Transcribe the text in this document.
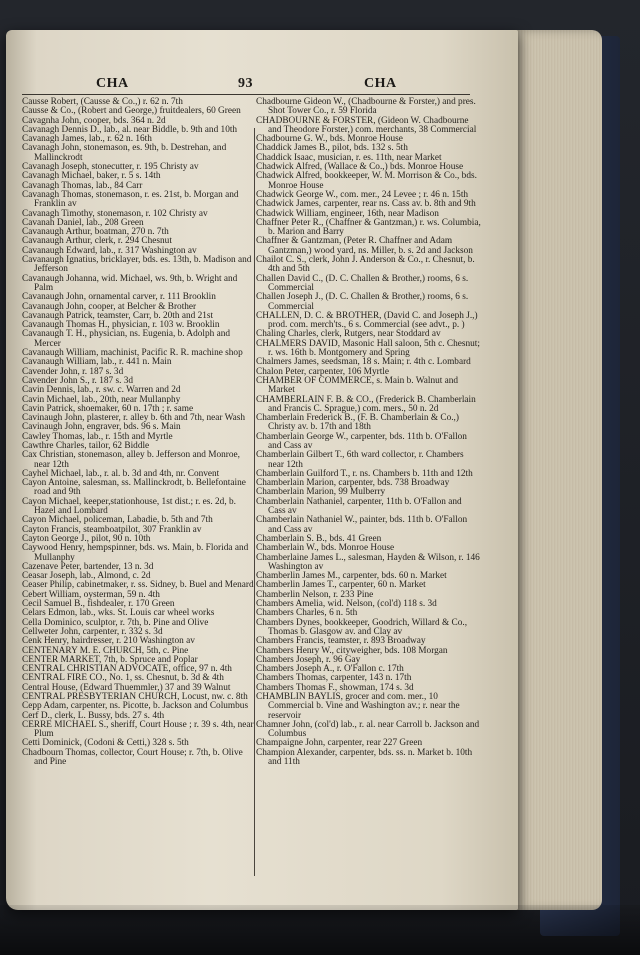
CHA	93	CHA

Causse Robert, (Causse & Co.,) r. 62 n. 7th

Causse & Co., (Robert and George,) fruitdealers, 60 Green

Cavagnha John, cooper, bds. 364 n. 2d

Cavanagh Dennis D., lab., al. near Biddle, b. 9th and 10th

Cavanagh James, lab., r. 62 n. 16th

Cavanagh John, stonemason, es. 9th, b. Destrehan, and Mallinckrodt

Cavanagh Joseph, stonecutter, r. 195 Christy av

Cavanagh Michael, baker, r. 5 s. 14th

Cavanagh Thomas, lab., 84 Carr

Cavanagh Thomas, stonemason, r. es. 21st, b. Morgan and Franklin av

Cavanagh Timothy, stonemason, r. 102 Christy av

Cavanah Daniel, lab., 208 Green

Cavanaugh Arthur, boatman, 270 n. 7th

Cavanaugh Arthur, clerk, r. 294 Chesnut

Cavanaugh Edward, lab., r. 317 Washington av

Cavanaugh Ignatius, bricklayer, bds. es. 13th, b. Madison and Jefferson

Cavanaugh Johanna, wid. Michael, ws. 9th, b. Wright and Palm

Cavanaugh John, ornamental carver, r. 111 Brooklin

Cavanaugh John, cooper, at Belcher & Brother

Cavanaugh Patrick, teamster, Carr, b. 20th and 21st

Cavanaugh Thomas H., physician, r. 103 w. Brooklin

Cavanaugh T. H., physician, ns. Eugenia, b. Adolph and Mercer

Cavanaugh William, machinist, Pacific R. R. machine shop

Cavanaugh William, lab., r. 441 n. Main

Cavender John, r. 187 s. 3d

Cavender John S., r. 187 s. 3d

Cavin Dennis, lab., r. sw. c. Warren and 2d

Cavin Michael, lab., 20th, near Mullanphy

Cavin Patrick, shoemaker, 60 n. 17th ; r. same

Cavinaugh John, plasterer, r. alley b. 6th and 7th, near Wash

Cavinaugh John, engraver, bds. 96 s. Main

Cawley Thomas, lab., r. 15th and Myrtle

Cawthre Charles, tailor, 62 Biddle

Cax Christian, stonemason, alley b. Jefferson and Monroe, near 12th

Cayhel Michael, lab., r. al. b. 3d and 4th, nr. Convent

Cayon Antoine, salesman, ss. Mallinckrodt, b. Bellefontaine road and 9th

Cayon Michael, keeper,stationhouse, 1st dist.; r. es. 2d, b. Hazel and Lombard

Cayon Michael, policeman, Labadie, b. 5th and 7th

Cayton Francis, steamboatpilot, 307 Franklin av

Cayton George J., pilot, 90 n. 10th

Caywood Henry, hempspinner, bds. ws. Main, b. Florida and Mullanphy

Cazenave Peter, bartender, 13 n. 3d

Ceasar Joseph, lab., Almond, c. 2d

Ceaser Philip, cabinetmaker, r. ss. Sidney, b. Buel and Menard

Cebert William, oysterman, 59 n. 4th

Cecil Samuel B., fishdealer, r. 170 Green

Celars Edmon, lab., wks. St. Louis car wheel works

Cella Dominico, sculptor, r. 7th, b. Pine and Olive

Cellweter John, carpenter, r. 332 s. 3d

Cenk Henry, hairdresser, r. 210 Washington av

CENTENARY M. E. CHURCH, 5th, c. Pine

CENTER MARKET, 7th, b. Spruce and Poplar

CENTRAL CHRISTIAN ADVOCATE, office, 97 n. 4th

CENTRAL FIRE CO., No. 1, ss. Chesnut, b. 3d & 4th

Central House, (Edward Thuemmler,) 37 and 39 Walnut

CENTRAL PRESBYTERIAN CHURCH, Locust, nw. c. 8th

Cepp Adam, carpenter, ns. Picotte, b. Jackson and Columbus

Cerf D., clerk, L. Bussy, bds. 27 s. 4th

CERRE MICHAEL S., sheriff, Court House ; r. 39 s. 4th, near Plum

Cetti Dominick, (Codoni & Cetti,) 328 s. 5th

Chadbourn Thomas, collector, Court House; r. 7th, b. Olive and Pine

Chadbourne Gideon W., (Chadbourne & Forster,) and pres. Shot Tower Co., r. 59 Florida

CHADBOURNE & FORSTER, (Gideon W. Chadbourne and Theodore Forster,) com. merchants, 38 Commercial

Chadbourne G. W., bds. Monroe House

Chaddick James B., pilot, bds. 132 s. 5th

Chaddick Isaac, musician, r. es. 11th, near Market

Chadwick Alfred, (Wallace & Co.,) bds. Monroe House

Chadwick Alfred, bookkeeper, W. M. Morrison & Co., bds. Monroe House

Chadwick George W., com. mer., 24 Levee ; r. 46 n. 15th

Chadwick James, carpenter, rear ns. Cass av. b. 8th and 9th

Chadwick William, engineer, 16th, near Madison

Chaffner Peter R., (Chaffner & Gantzman,) r. ws. Columbia, b. Marion and Barry

Chaffner & Gantzman, (Peter R. Chaffner and Adam Gantzman,) wood yard, ns. Miller, b. s. 2d and Jackson

Chailot C. S., clerk, John J. Anderson & Co., r. Chesnut, b. 4th and 5th

Challen David C., (D. C. Challen & Brother,) rooms, 6 s. Commercial

Challen Joseph J., (D. C. Challen & Brother,) rooms, 6 s. Commercial

CHALLEN, D. C. & BROTHER, (David C. and Joseph J.,) prod. com. merch'ts., 6 s. Commercial (see advt., p. )

Chaling Charles, clerk, Rutgers, near Stoddard av

CHALMERS DAVID, Masonic Hall saloon, 5th c. Chesnut; r. ws. 16th b. Montgomery and Spring

Chalmers James, seedsman, 18 s. Main; r. 4th c. Lombard

Chalon Peter, carpenter, 106 Myrtle

CHAMBER OF COMMERCE, s. Main b. Walnut and Market

CHAMBERLAIN F. B. & CO., (Frederick B. Chamberlain and Francis C. Sprague,) com. mers., 50 n. 2d

Chamberlain Frederick B., (F. B. Chamberlain & Co.,) Christy av. b. 17th and 18th

Chamberlain George W., carpenter, bds. 11th b. O'Fallon and Cass av

Chamberlain Gilbert T., 6th ward collector, r. Chambers near 12th

Chamberlain Guilford T., r. ns. Chambers b. 11th and 12th

Chamberlain Marion, carpenter, bds. 738 Broadway

Chamberlain Marion, 99 Mulberry

Chamberlain Nathaniel, carpenter, 11th b. O'Fallon and Cass av

Chamberlain Nathaniel W., painter, bds. 11th b. O'Fallon and Cass av

Chamberlain S. B., bds. 41 Green

Chamberlain W., bds. Monroe House

Chamberlaine James L., salesman, Hayden & Wilson, r. 146 Washington av

Chamberlin James M., carpenter, bds. 60 n. Market

Chamberlin James T., carpenter, 60 n. Market

Chamberlin Nelson, r. 233 Pine

Chambers Amelia, wid. Nelson, (col'd) 118 s. 3d

Chambers Charles, 6 n. 5th

Chambers Dynes, bookkeeper, Goodrich, Willard & Co., Thomas b. Glasgow av. and Clay av

Chambers Francis, teamster, r. 893 Broadway

Chambers Henry W., cityweigher, bds. 108 Morgan

Chambers Joseph, r. 96 Gay

Chambers Joseph A., r. O'Fallon c. 17th

Chambers Thomas, carpenter, 143 n. 17th

Chambers Thomas F., showman, 174 s. 3d

CHAMBLIN BAYLIS, grocer and com. mer., 10 Commercial b. Vine and Washington av.; r. near the reservoir

Chamner John, (col'd) lab., r. al. near Carroll b. Jackson and Columbus

Champaigne John, carpenter, rear 227 Green

Champion Alexander, carpenter, bds. ss. n. Market b. 10th and 11th
